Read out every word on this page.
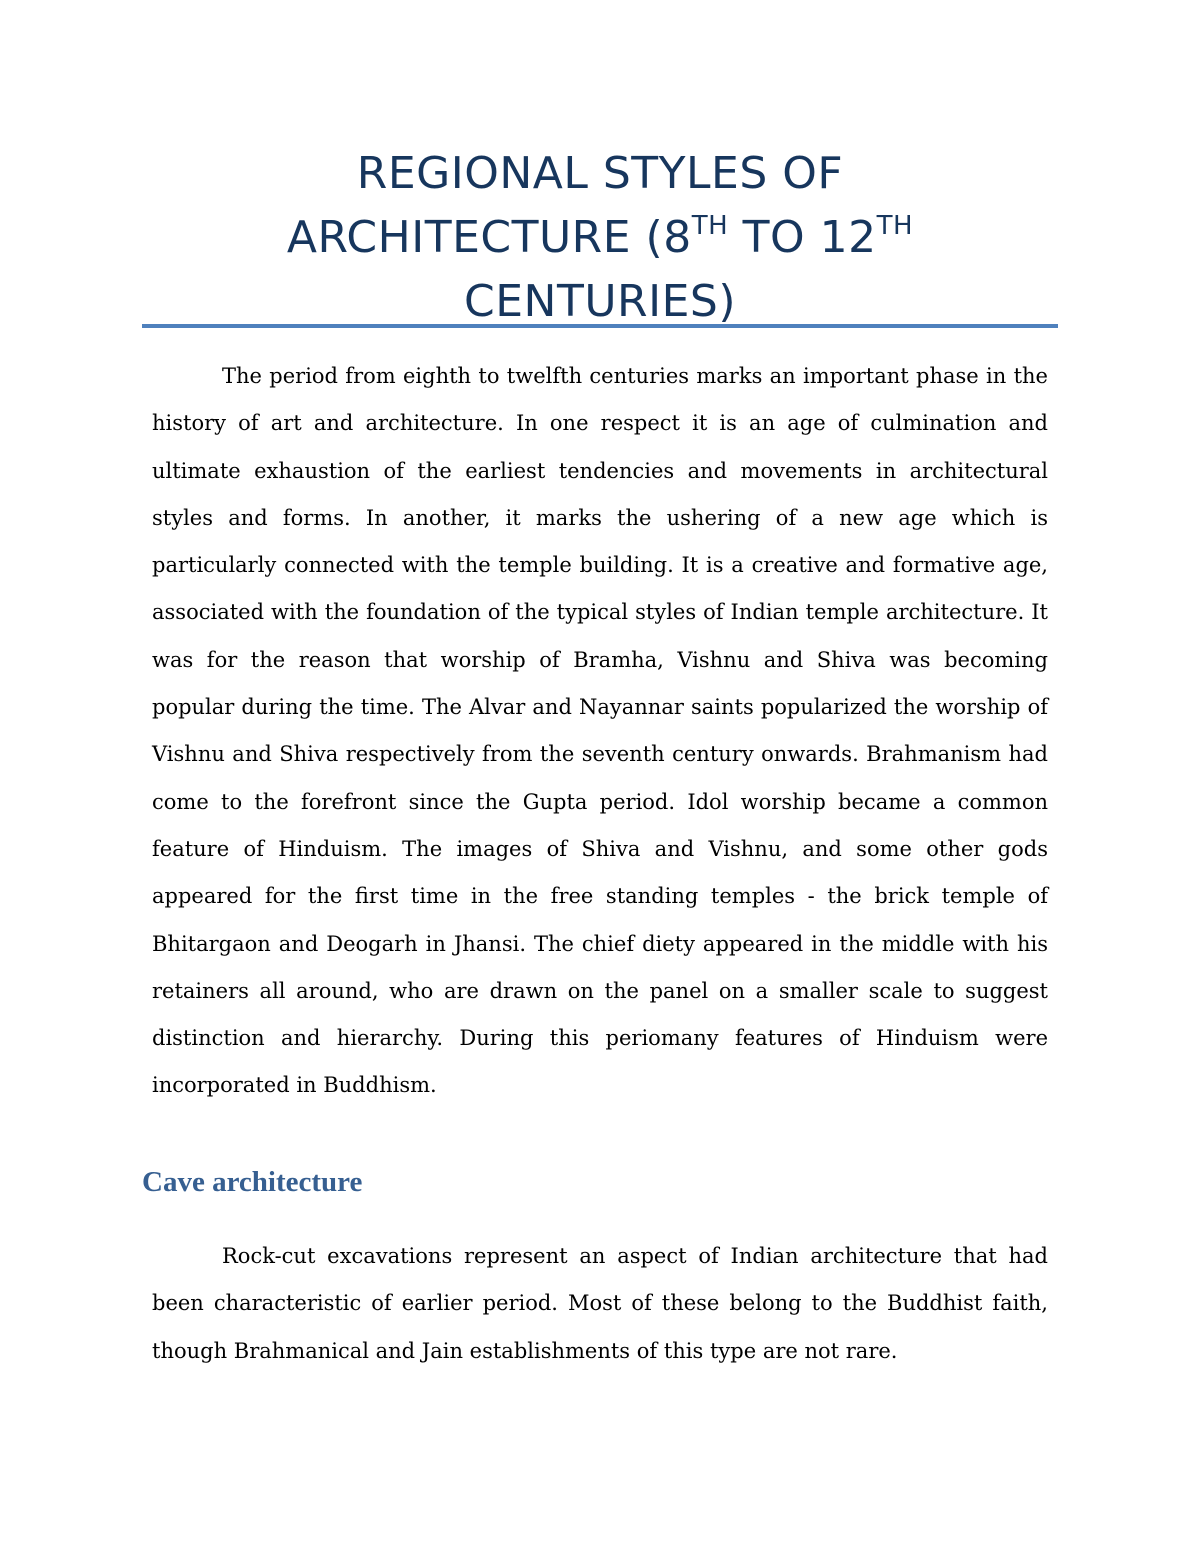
REGIONAL STYLES OF
ARCHITECTURE (8TH TO 12TH
CENTURIES)

The period from eighth to twelfth centuries marks an important phase in the history of art and architecture. In one respect it is an age of culmination and ultimate exhaustion of the earliest tendencies and movements in architectural styles and forms. In another, it marks the ushering of a new age which is particularly connected with the temple building. It is a creative and formative age, associated with the foundation of the typical styles of Indian temple architecture. It was for the reason that worship of Bramha, Vishnu and Shiva was becoming popular during the time. The Alvar and Nayannar saints popularized the worship of Vishnu and Shiva respectively from the seventh century onwards. Brahmanism had come to the forefront since the Gupta period. Idol worship became a common feature of Hinduism. The images of Shiva and Vishnu, and some other gods appeared for the first time in the free standing temples - the brick temple of Bhitargaon and Deogarh in Jhansi. The chief diety appeared in the middle with his retainers all around, who are drawn on the panel on a smaller scale to suggest distinction and hierarchy. During this periomany features of Hinduism were incorporated in Buddhism.

Cave architecture

Rock-cut excavations represent an aspect of Indian architecture that had been characteristic of earlier period. Most of these belong to the Buddhist faith, though Brahmanical and Jain establishments of this type are not rare.
